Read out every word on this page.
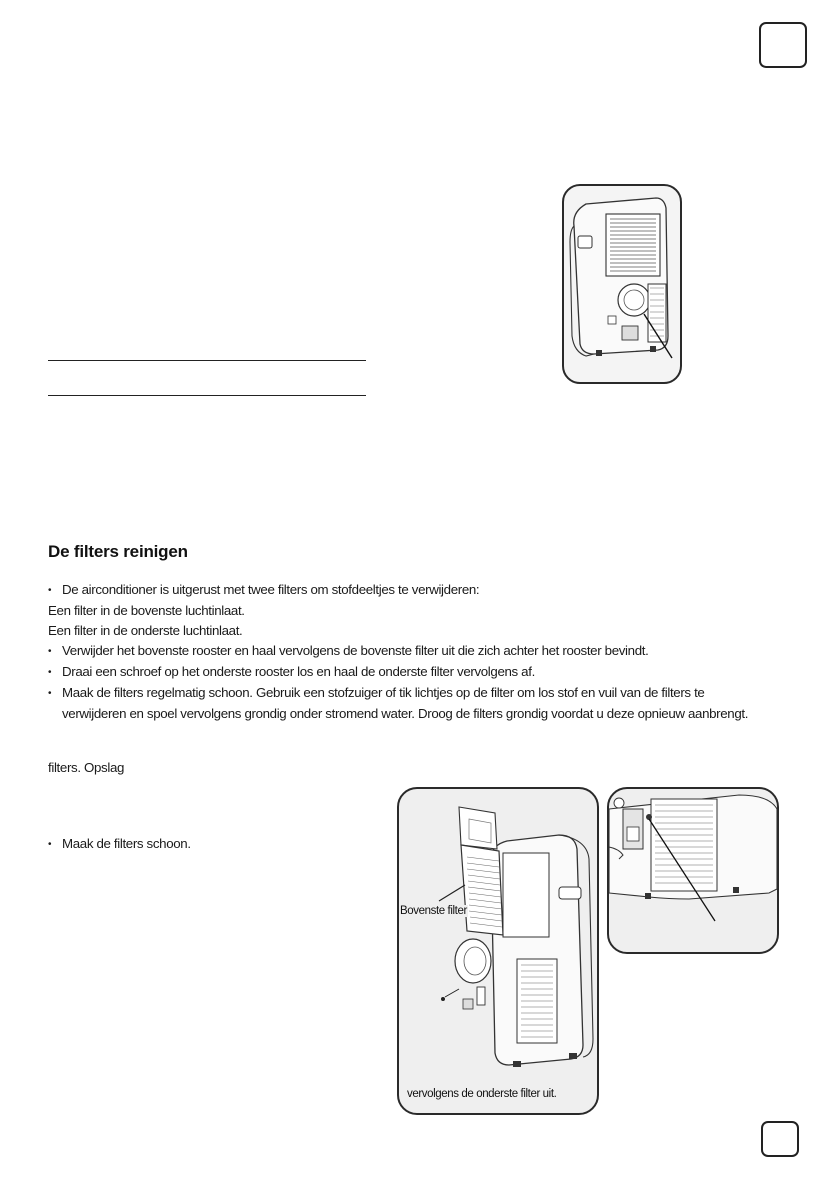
De filters reinigen
• De airconditioner is uitgerust met twee filters om stofdeeltjes te verwijderen:
Een filter in de bovenste luchtinlaat.
Een filter in de onderste luchtinlaat.
• Verwijder het bovenste rooster en haal vervolgens de bovenste filter uit die zich achter het rooster bevindt.
• Draai een schroef op het onderste rooster los en haal de onderste filter vervolgens af.
• Maak de filters regelmatig schoon. Gebruik een stofzuiger of tik lichtjes op de filter om los stof en vuil van de filters te
verwijderen en spoel vervolgens grondig onder stromend water. Droog de filters grondig voordat u deze opnieuw aanbrengt.

filters. Opslag

• Maak de filters schoon.

Bovenste filter
vervolgens de onderste filter uit.
